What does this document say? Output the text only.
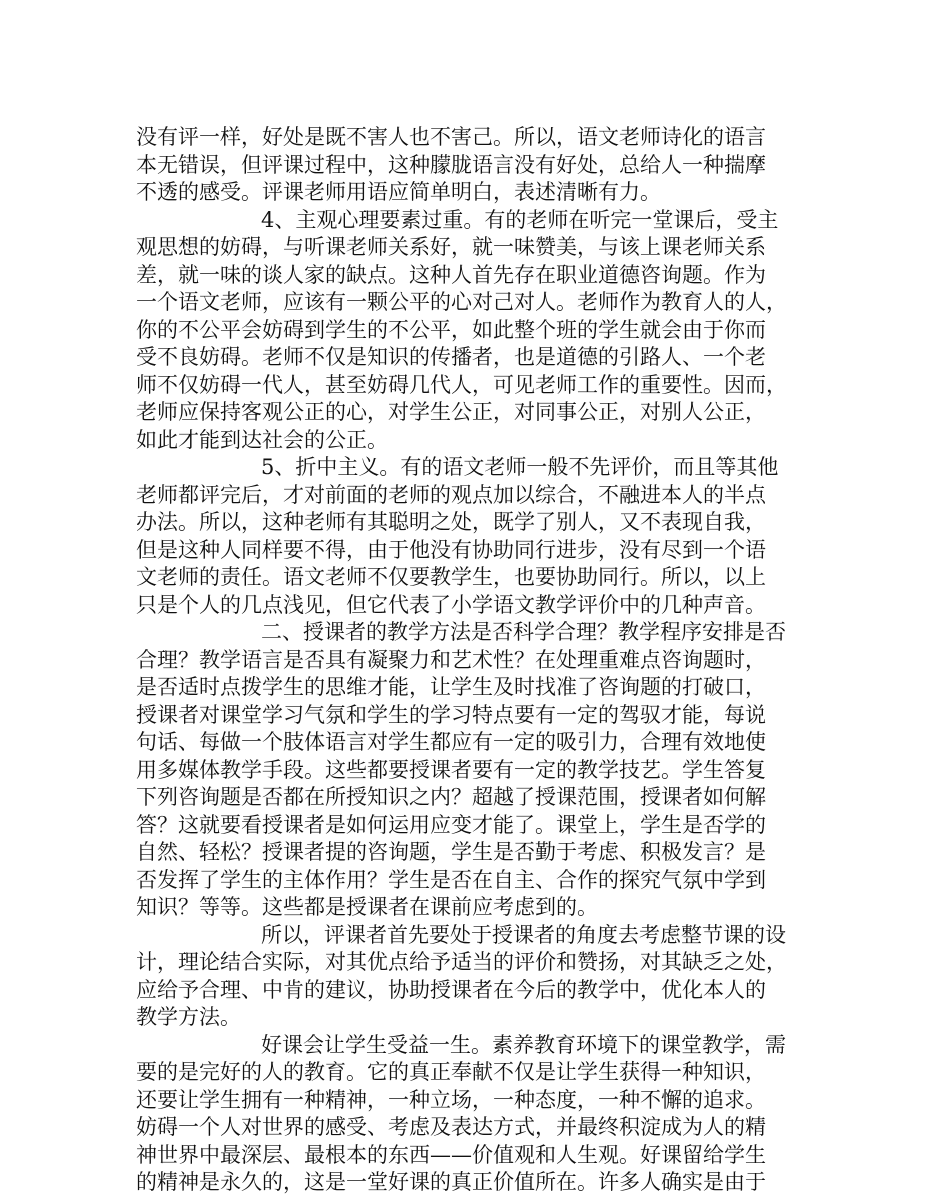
没有评一样，好处是既不害人也不害己。所以，语文老师诗化的语言
本无错误，但评课过程中，这种朦胧语言没有好处，总给人一种揣摩
不透的感受。评课老师用语应简单明白，表述清晰有力。
4、主观心理要素过重。有的老师在听完一堂课后，受主
观思想的妨碍，与听课老师关系好，就一味赞美，与该上课老师关系
差，就一味的谈人家的缺点。这种人首先存在职业道德咨询题。作为
一个语文老师，应该有一颗公平的心对己对人。老师作为教育人的人，
你的不公平会妨碍到学生的不公平，如此整个班的学生就会由于你而
受不良妨碍。老师不仅是知识的传播者，也是道德的引路人、一个老
师不仅妨碍一代人，甚至妨碍几代人，可见老师工作的重要性。因而，
老师应保持客观公正的心，对学生公正，对同事公正，对别人公正，
如此才能到达社会的公正。
5、折中主义。有的语文老师一般不先评价，而且等其他
老师都评完后，才对前面的老师的观点加以综合，不融进本人的半点
办法。所以，这种老师有其聪明之处，既学了别人，又不表现自我，
但是这种人同样要不得，由于他没有协助同行进步，没有尽到一个语
文老师的责任。语文老师不仅要教学生，也要协助同行。所以，以上
只是个人的几点浅见，但它代表了小学语文教学评价中的几种声音。
二、授课者的教学方法是否科学合理？教学程序安排是否
合理？教学语言是否具有凝聚力和艺术性？在处理重难点咨询题时，
是否适时点拨学生的思维才能，让学生及时找准了咨询题的打破口，
授课者对课堂学习气氛和学生的学习特点要有一定的驾驭才能，每说
句话、每做一个肢体语言对学生都应有一定的吸引力，合理有效地使
用多媒体教学手段。这些都要授课者要有一定的教学技艺。学生答复
下列咨询题是否都在所授知识之内？超越了授课范围，授课者如何解
答？这就要看授课者是如何运用应变才能了。课堂上，学生是否学的
自然、轻松？授课者提的咨询题，学生是否勤于考虑、积极发言？是
否发挥了学生的主体作用？学生是否在自主、合作的探究气氛中学到
知识？等等。这些都是授课者在课前应考虑到的。
所以，评课者首先要处于授课者的角度去考虑整节课的设
计，理论结合实际，对其优点给予适当的评价和赞扬，对其缺乏之处，
应给予合理、中肯的建议，协助授课者在今后的教学中，优化本人的
教学方法。
好课会让学生受益一生。素养教育环境下的课堂教学，需
要的是完好的人的教育。它的真正奉献不仅是让学生获得一种知识，
还要让学生拥有一种精神，一种立场，一种态度，一种不懈的追求。
妨碍一个人对世界的感受、考虑及表达方式，并最终积淀成为人的精
神世界中最深层、最根本的东西——价值观和人生观。好课留给学生
的精神是永久的，这是一堂好课的真正价值所在。许多人确实是由于
